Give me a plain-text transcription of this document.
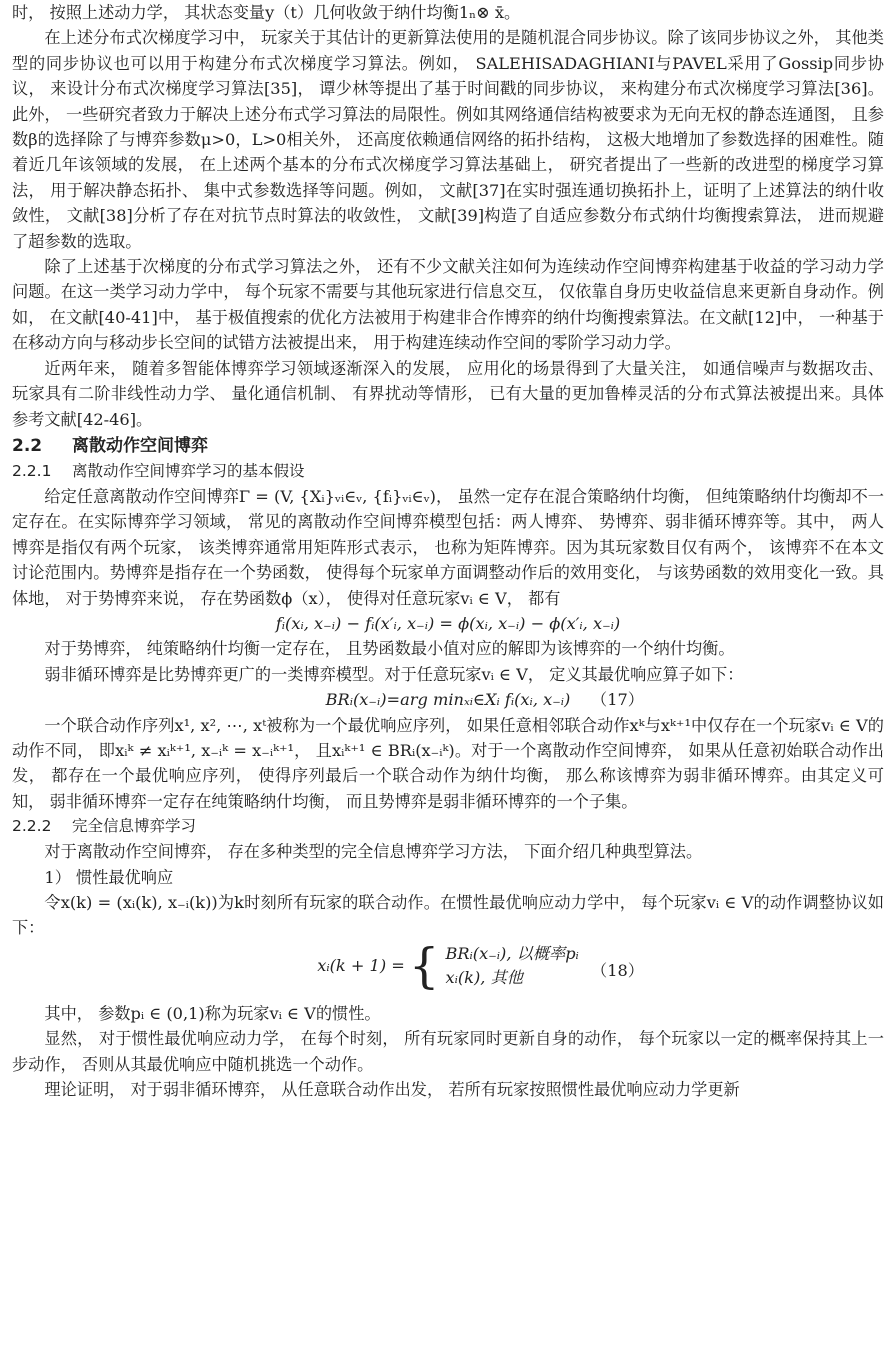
时， 按照上述动力学， 其状态变量y（t）几何收敛于纳什均衡1ₙ⊗ x̄。

在上述分布式次梯度学习中， 玩家关于其估计的更新算法使用的是随机混合同步协议。除了该同步协议之外， 其他类型的同步协议也可以用于构建分布式次梯度学习算法。例如， SALEHISADAGHIANI与PAVEL采用了Gossip同步协议， 来设计分布式次梯度学习算法[35]， 谭少林等提出了基于时间戳的同步协议， 来构建分布式次梯度学习算法[36]。此外， 一些研究者致力于解决上述分布式学习算法的局限性。例如其网络通信结构被要求为无向无权的静态连通图， 且参数β的选择除了与博弈参数μ>0，L>0相关外， 还高度依赖通信网络的拓扑结构， 这极大地增加了参数选择的困难性。随着近几年该领域的发展， 在上述两个基本的分布式次梯度学习算法基础上， 研究者提出了一些新的改进型的梯度学习算法， 用于解决静态拓扑、 集中式参数选择等问题。例如， 文献[37]在实时强连通切换拓扑上，证明了上述算法的纳什收敛性， 文献[38]分析了存在对抗节点时算法的收敛性， 文献[39]构造了自适应参数分布式纳什均衡搜索算法， 进而规避了超参数的选取。

除了上述基于次梯度的分布式学习算法之外， 还有不少文献关注如何为连续动作空间博弈构建基于收益的学习动力学问题。在这一类学习动力学中， 每个玩家不需要与其他玩家进行信息交互， 仅依靠自身历史收益信息来更新自身动作。例如， 在文献[40-41]中， 基于极值搜索的优化方法被用于构建非合作博弈的纳什均衡搜索算法。在文献[12]中， 一种基于在移动方向与移动步长空间的试错方法被提出来， 用于构建连续动作空间的零阶学习动力学。

近两年来， 随着多智能体博弈学习领域逐渐深入的发展， 应用化的场景得到了大量关注， 如通信噪声与数据攻击、 玩家具有二阶非线性动力学、 量化通信机制、 有界扰动等情形， 已有大量的更加鲁棒灵活的分布式算法被提出来。具体参考文献[42-46]。

2.2 离散动作空间博弈
2.2.1 离散动作空间博弈学习的基本假设

给定任意离散动作空间博弈Γ = (V, {Xᵢ}ᵥᵢ∈ᵥ, {fᵢ}ᵥᵢ∈ᵥ)， 虽然一定存在混合策略纳什均衡， 但纯策略纳什均衡却不一定存在。在实际博弈学习领域， 常见的离散动作空间博弈模型包括：两人博弈、 势博弈、弱非循环博弈等。其中， 两人博弈是指仅有两个玩家， 该类博弈通常用矩阵形式表示， 也称为矩阵博弈。因为其玩家数目仅有两个， 该博弈不在本文讨论范围内。势博弈是指存在一个势函数， 使得每个玩家单方面调整动作后的效用变化， 与该势函数的效用变化一致。具体地， 对于势博弈来说， 存在势函数ϕ（x）， 使得对任意玩家vᵢ ∈ V， 都有

fᵢ(xᵢ, x₋ᵢ) − fᵢ(x′ᵢ, x₋ᵢ) = ϕ(xᵢ, x₋ᵢ) − ϕ(x′ᵢ, x₋ᵢ)

对于势博弈， 纯策略纳什均衡一定存在， 且势函数最小值对应的解即为该博弈的一个纳什均衡。

弱非循环博弈是比势博弈更广的一类博弈模型。对于任意玩家vᵢ ∈ V， 定义其最优响应算子如下：

BRᵢ(x₋ᵢ)=arg minₓᵢ∈Xᵢ fᵢ(xᵢ, x₋ᵢ) （17）

一个联合动作序列x¹, x², ⋯, xᵗ被称为一个最优响应序列， 如果任意相邻联合动作xᵏ与xᵏ⁺¹中仅存在一个玩家vᵢ ∈ V的动作不同， 即xᵢᵏ ≠ xᵢᵏ⁺¹, x₋ᵢᵏ = x₋ᵢᵏ⁺¹， 且xᵢᵏ⁺¹ ∈ BRᵢ(x₋ᵢᵏ)。对于一个离散动作空间博弈， 如果从任意初始联合动作出发， 都存在一个最优响应序列， 使得序列最后一个联合动作为纳什均衡， 那么称该博弈为弱非循环博弈。由其定义可知， 弱非循环博弈一定存在纯策略纳什均衡， 而且势博弈是弱非循环博弈的一个子集。

2.2.2 完全信息博弈学习

对于离散动作空间博弈， 存在多种类型的完全信息博弈学习方法， 下面介绍几种典型算法。

1） 惯性最优响应

令x(k) = (xᵢ(k), x₋ᵢ(k))为k时刻所有玩家的联合动作。在惯性最优响应动力学中， 每个玩家vᵢ ∈ V的动作调整协议如下：

xᵢ(k + 1) = { BRᵢ(x₋ᵢ), 以概率pᵢ
xᵢ(k), 其他	（18）

其中， 参数pᵢ ∈ (0,1)称为玩家vᵢ ∈ V的惯性。

显然， 对于惯性最优响应动力学， 在每个时刻， 所有玩家同时更新自身的动作， 每个玩家以一定的概率保持其上一步动作， 否则从其最优响应中随机挑选一个动作。

理论证明， 对于弱非循环博弈， 从任意联合动作出发， 若所有玩家按照惯性最优响应动力学更新
